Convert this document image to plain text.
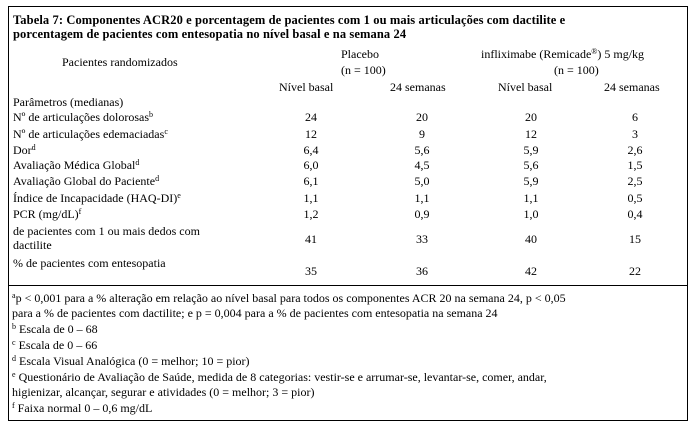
Tabela 7: Componentes ACR20 e porcentagem de pacientes com 1 ou mais articulações com dactilite e
porcentagem de pacientes com entesopatia no nível basal e na semana 24
Pacientes randomizados
Placebo
(n = 100)
infliximabe (Remicade®) 5 mg/kg
(n = 100)
Nível basal	24 semanas	Nível basal	24 semanas
Parâmetros (medianas)
Nº de articulações dolorosas$^b$	24	20	20	6
Nº de articulações edemaciadas$^c$	12	9	12	3
Dor$^d$	6,4	5,6	5,9	2,6
Avaliação Médica Global$^d$	6,0	4,5	5,6	1,5
Avaliação Global do Paciente$^d$	6,1	5,0	5,9	2,5
Índice de Incapacidade $(HAQ-DI)^e$	1,1	1,1	1,1	0,5
PCR $(mg/dL)^f$	1,2	0,9	1,0	0,4
de pacientes com 1 ou mais dedos com
dactilite	41	33	40	15
% de pacientes com entesopatia
35	36	42	22
$^a$p < 0,001 para a % alteração em relação ao nível basal para todos os componentes ACR 20 na semana 24, p < 0,05
para a % de pacientes com dactilite; e p = 0,004 para a % de pacientes com entesopatia na semana 24
$^b$ Escala de 0 – 68
$^c$ Escala de 0 – 66
$^d$ Escala Visual Analógica (0 = melhor; 10 = pior)
$^e$ Questionário de Avaliação de Saúde, medida de 8 categorias: vestir-se e arrumar-se, levantar-se, comer, andar,
higienizar, alcançar, segurar e atividades (0 = melhor; 3 = pior)
$^f$ Faixa normal 0 – 0,6 mg/dL
